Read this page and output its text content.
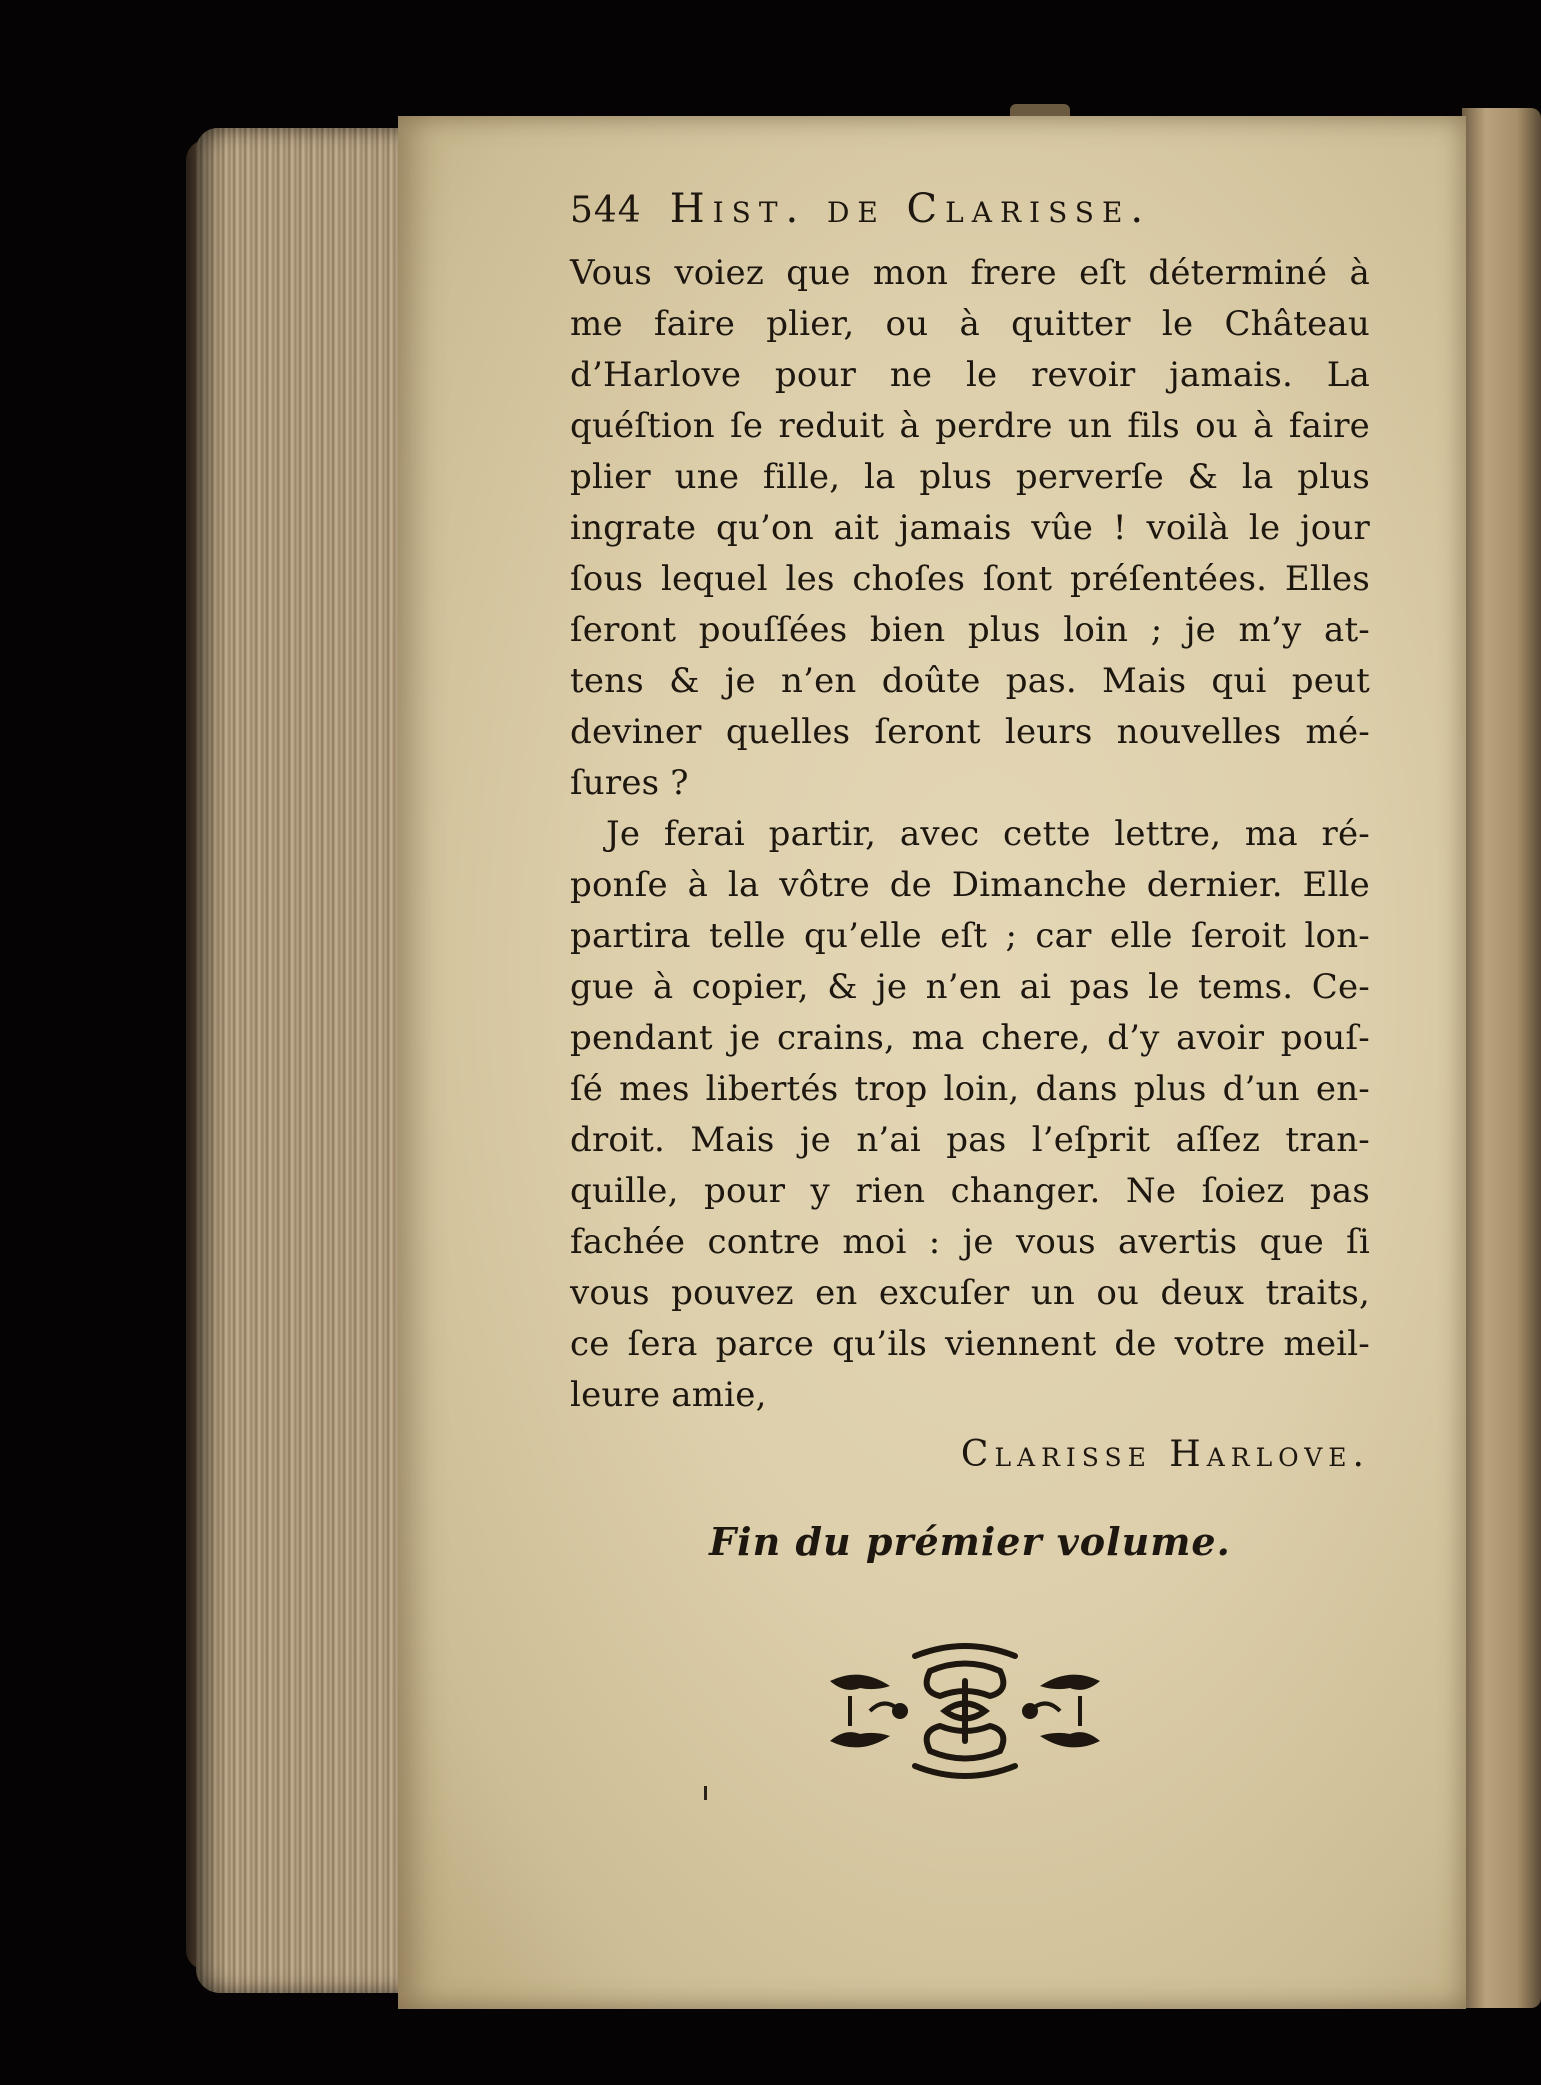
544 Hist. de Clarisse.
Vous voiez que mon frere eſt déterminé à
me faire plier, ou à quitter le Château
d’Harlove pour ne le revoir jamais. La
quéſtion ſe reduit à perdre un fils ou à faire
plier une fille, la plus perverſe & la plus
ingrate qu’on ait jamais vûe ! voilà le jour
ſous lequel les choſes ſont préſentées. Elles
ſeront pouſſées bien plus loin ; je m’y at-
tens & je n’en doûte pas. Mais qui peut
deviner quelles ſeront leurs nouvelles mé-
ſures ?
Je ferai partir, avec cette lettre, ma ré-
ponſe à la vôtre de Dimanche dernier. Elle
partira telle qu’elle eſt ; car elle ſeroit lon-
gue à copier, & je n’en ai pas le tems. Ce-
pendant je crains, ma chere, d’y avoir pouſ-
ſé mes libertés trop loin, dans plus d’un en-
droit. Mais je n’ai pas l’eſprit aſſez tran-
quille, pour y rien changer. Ne ſoiez pas
fachée contre moi : je vous avertis que ſi
vous pouvez en excuſer un ou deux traits,
ce ſera parce qu’ils viennent de votre meil-
leure amie,
Clarisse Harlove.
Fin du prémier volume.
